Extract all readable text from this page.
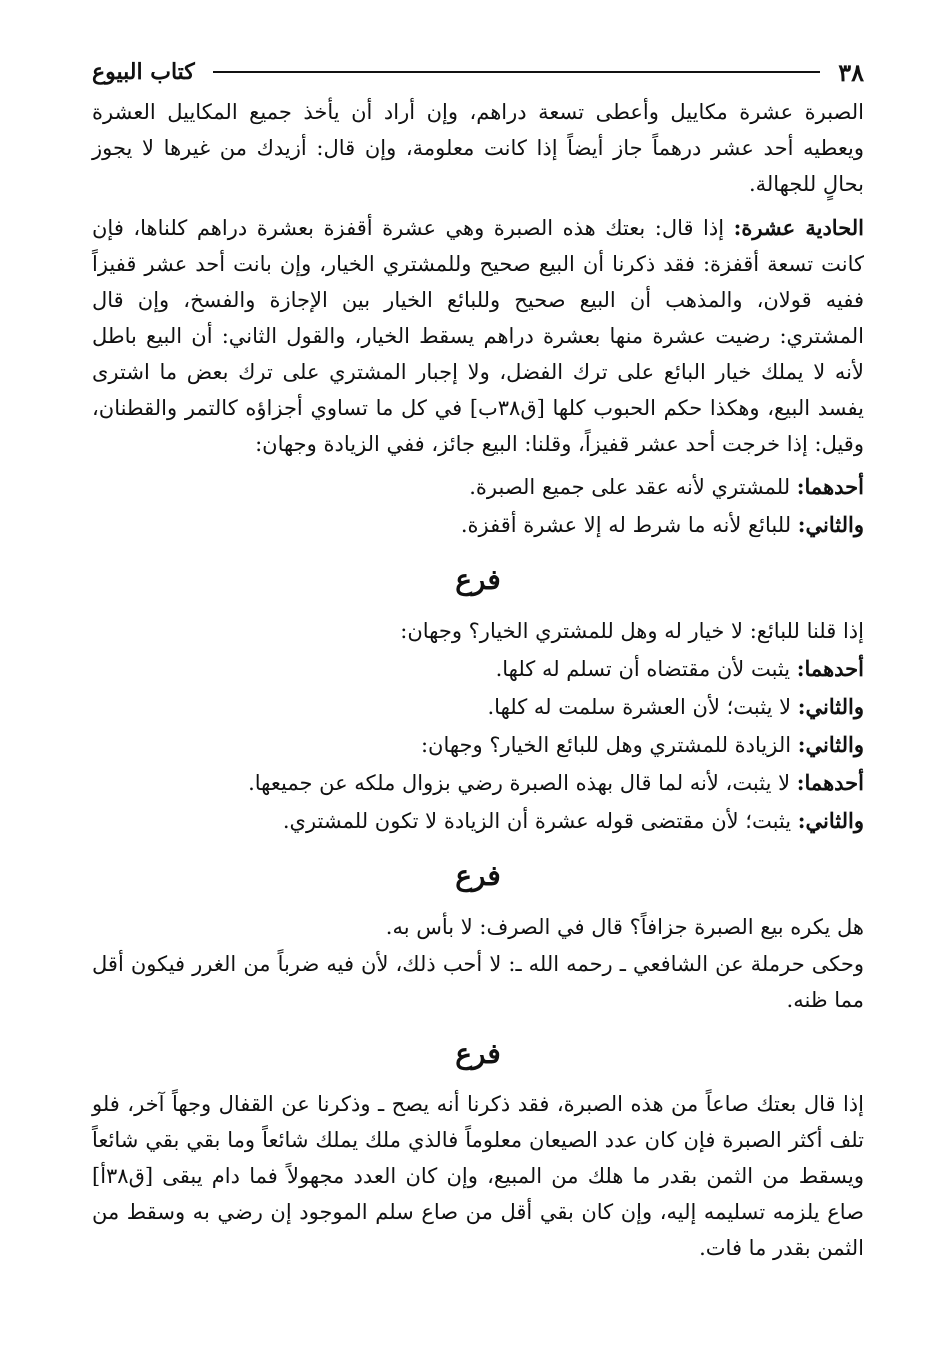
٣٨
كتاب البيوع

الصبرة عشرة مكاييل وأعطى تسعة دراهم، وإن أراد أن يأخذ جميع المكاييل العشرة ويعطيه أحد عشر درهماً جاز أيضاً إذا كانت معلومة، وإن قال: أزيدك من غيرها لا يجوز بحالٍ للجهالة.

الحادية عشرة: إذا قال: بعتك هذه الصبرة وهي عشرة أقفزة بعشرة دراهم كلناها، فإن كانت تسعة أقفزة: فقد ذكرنا أن البيع صحيح وللمشتري الخيار، وإن بانت أحد عشر قفيزاً ففيه قولان، والمذهب أن البيع صحيح وللبائع الخيار بين الإجازة والفسخ، وإن قال المشتري: رضيت عشرة منها بعشرة دراهم يسقط الخيار، والقول الثاني: أن البيع باطل لأنه لا يملك خيار البائع على ترك الفضل، ولا إجبار المشتري على ترك بعض ما اشترى يفسد البيع، وهكذا حكم الحبوب كلها [ق٣٨ب] في كل ما تساوي أجزاؤه كالتمر والقطنان، وقيل: إذا خرجت أحد عشر قفيزاً، وقلنا: البيع جائز، ففي الزيادة وجهان:

أحدهما: للمشتري لأنه عقد على جميع الصبرة.

والثاني: للبائع لأنه ما شرط له إلا عشرة أقفزة.

فرع

إذا قلنا للبائع: لا خيار له وهل للمشتري الخيار؟ وجهان:

أحدهما: يثبت لأن مقتضاه أن تسلم له كلها.

والثاني: لا يثبت؛ لأن العشرة سلمت له كلها.

والثاني: الزيادة للمشتري وهل للبائع الخيار؟ وجهان:

أحدهما: لا يثبت، لأنه لما قال بهذه الصبرة رضي بزوال ملكه عن جميعها.

والثاني: يثبت؛ لأن مقتضى قوله عشرة أن الزيادة لا تكون للمشتري.

فرع

هل يكره بيع الصبرة جزافاً؟ قال في الصرف: لا بأس به.

وحكى حرملة عن الشافعي ـ رحمه الله ـ: لا أحب ذلك، لأن فيه ضرباً من الغرر فيكون أقل مما ظنه.

فرع

إذا قال بعتك صاعاً من هذه الصبرة، فقد ذكرنا أنه يصح ـ وذكرنا عن القفال وجهاً آخر، فلو تلف أكثر الصبرة فإن كان عدد الصيعان معلوماً فالذي ملك يملك شائعاً وما بقي بقي شائعاً ويسقط من الثمن بقدر ما هلك من المبيع، وإن كان العدد مجهولاً فما دام يبقى [ق٣٨أ] صاع يلزمه تسليمه إليه، وإن كان بقي أقل من صاع سلم الموجود إن رضي به وسقط من الثمن بقدر ما فات.
